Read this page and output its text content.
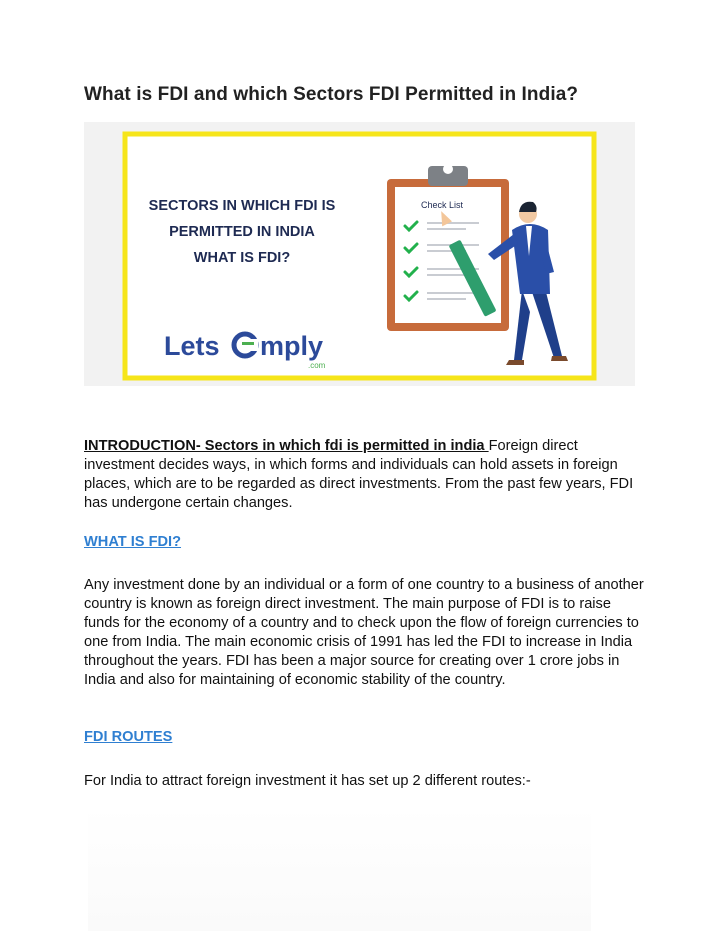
What is FDI and which Sectors FDI Permitted in India?
SECTORS IN WHICH FDI IS
PERMITTED IN INDIA
WHAT IS FDI?
Lets mply
.com
Check List

INTRODUCTION- Sectors in which fdi is permitted in india Foreign direct investment decides ways, in which forms and individuals can hold assets in foreign places, which are to be regarded as direct investments. From the past few years, FDI has undergone certain changes.

WHAT IS FDI?

Any investment done by an individual or a form of one country to a business of another country is known as foreign direct investment. The main purpose of FDI is to raise funds for the economy of a country and to check upon the flow of foreign currencies to one from India. The main economic crisis of 1991 has led the FDI to increase in India throughout the years. FDI has been a major source for creating over 1 crore jobs in India and also for maintaining of economic stability of the country.

FDI ROUTES

For India to attract foreign investment it has set up 2 different routes:-
